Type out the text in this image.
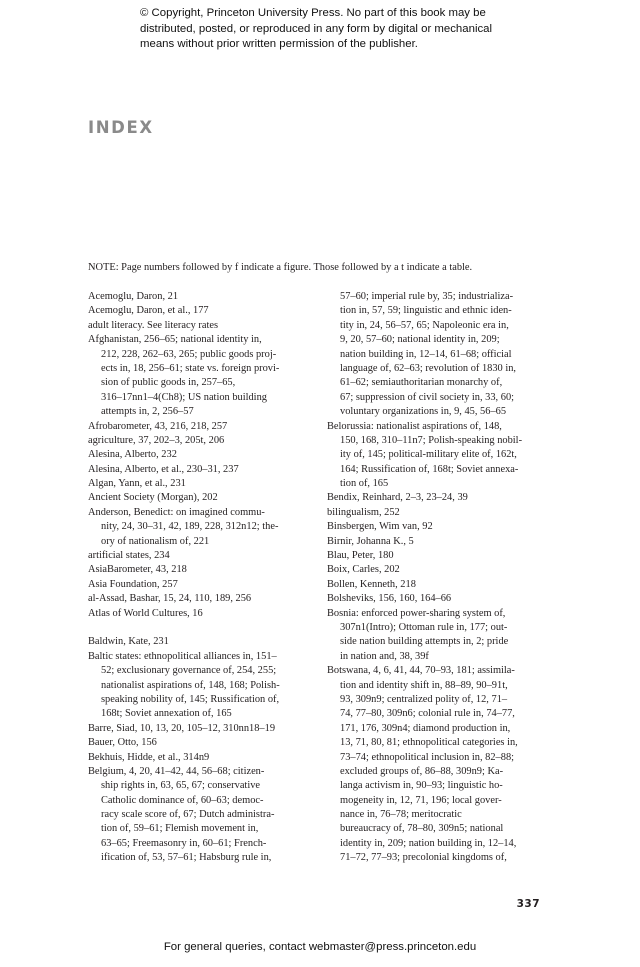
© Copyright, Princeton University Press. No part of this book may be
distributed, posted, or reproduced in any form by digital or mechanical
means without prior written permission of the publisher.
INDEX
NOTE: Page numbers followed by f indicate a figure. Those followed by a t indicate a table.
Acemoglu, Daron, 21
Acemoglu, Daron, et al., 177
adult literacy. See literacy rates
Afghanistan, 256–65; national identity in,
212, 228, 262–63, 265; public goods proj-
ects in, 18, 256–61; state vs. foreign provi-
sion of public goods in, 257–65,
316–17nn1–4(Ch8); US nation building
attempts in, 2, 256–57
Afrobarometer, 43, 216, 218, 257
agriculture, 37, 202–3, 205t, 206
Alesina, Alberto, 232
Alesina, Alberto, et al., 230–31, 237
Algan, Yann, et al., 231
Ancient Society (Morgan), 202
Anderson, Benedict: on imagined commu-
nity, 24, 30–31, 42, 189, 228, 312n12; the-
ory of nationalism of, 221
artificial states, 234
AsiaBarometer, 43, 218
Asia Foundation, 257
al-Assad, Bashar, 15, 24, 110, 189, 256
Atlas of World Cultures, 16
Baldwin, Kate, 231
Baltic states: ethnopolitical alliances in, 151–
52; exclusionary governance of, 254, 255;
nationalist aspirations of, 148, 168; Polish-
speaking nobility of, 145; Russification of,
168t; Soviet annexation of, 165
Barre, Siad, 10, 13, 20, 105–12, 310nn18–19
Bauer, Otto, 156
Bekhuis, Hidde, et al., 314n9
Belgium, 4, 20, 41–42, 44, 56–68; citizen-
ship rights in, 63, 65, 67; conservative
Catholic dominance of, 60–63; democ-
racy scale score of, 67; Dutch administra-
tion of, 59–61; Flemish movement in,
63–65; Freemasonry in, 60–61; French-
ification of, 53, 57–61; Habsburg rule in,
57–60; imperial rule by, 35; industrializa-
tion in, 57, 59; linguistic and ethnic iden-
tity in, 24, 56–57, 65; Napoleonic era in,
9, 20, 57–60; national identity in, 209;
nation building in, 12–14, 61–68; official
language of, 62–63; revolution of 1830 in,
61–62; semiauthoritarian monarchy of,
67; suppression of civil society in, 33, 60;
voluntary organizations in, 9, 45, 56–65
Belorussia: nationalist aspirations of, 148,
150, 168, 310–11n7; Polish-speaking nobil-
ity of, 145; political-military elite of, 162t,
164; Russification of, 168t; Soviet annexa-
tion of, 165
Bendix, Reinhard, 2–3, 23–24, 39
bilingualism, 252
Binsbergen, Wim van, 92
Birnir, Johanna K., 5
Blau, Peter, 180
Boix, Carles, 202
Bollen, Kenneth, 218
Bolsheviks, 156, 160, 164–66
Bosnia: enforced power-sharing system of,
307n1(Intro); Ottoman rule in, 177; out-
side nation building attempts in, 2; pride
in nation and, 38, 39f
Botswana, 4, 6, 41, 44, 70–93, 181; assimila-
tion and identity shift in, 88–89, 90–91t,
93, 309n9; centralized polity of, 12, 71–
74, 77–80, 309n6; colonial rule in, 74–77,
171, 176, 309n4; diamond production in,
13, 71, 80, 81; ethnopolitical categories in,
73–74; ethnopolitical inclusion in, 82–88;
excluded groups of, 86–88, 309n9; Ka-
langa activism in, 90–93; linguistic ho-
mogeneity in, 12, 71, 196; local gover-
nance in, 76–78; meritocratic
bureaucracy of, 78–80, 309n5; national
identity in, 209; nation building in, 12–14,
71–72, 77–93; precolonial kingdoms of,
337
For general queries, contact webmaster@press.princeton.edu
